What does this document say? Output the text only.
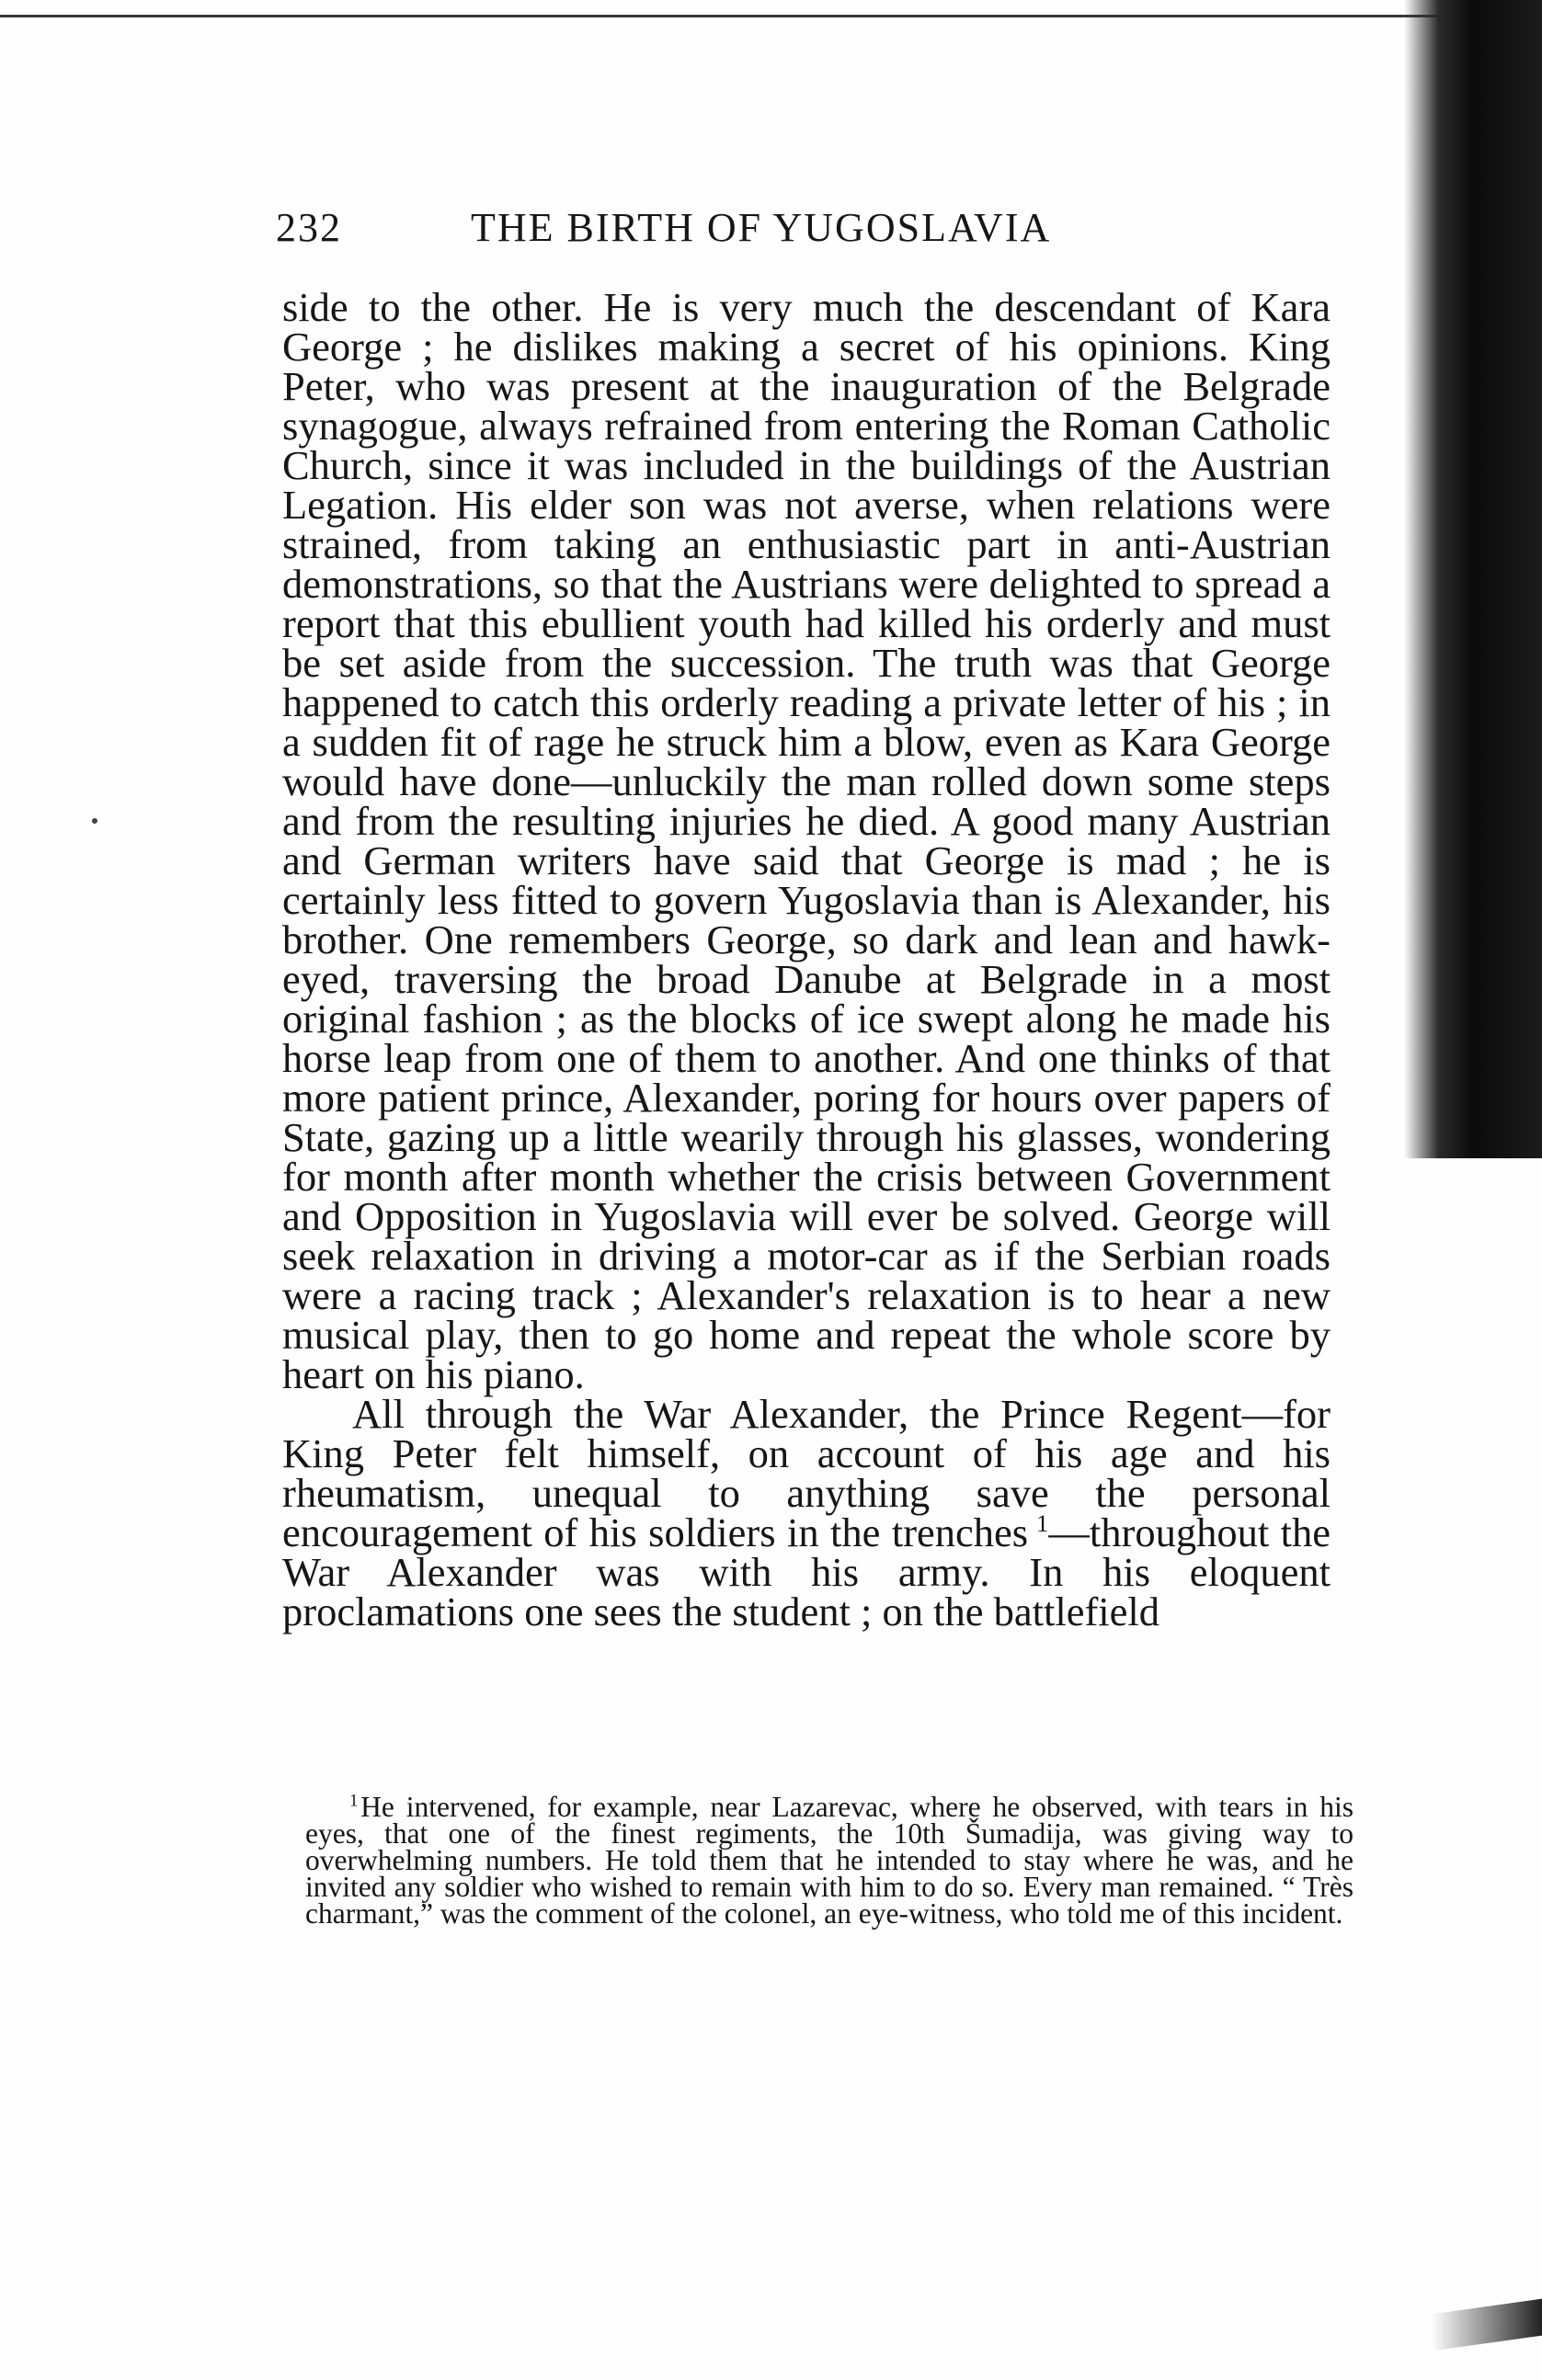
232	THE BIRTH OF YUGOSLAVIA

side to the other. He is very much the descendant of Kara George ; he dislikes making a secret of his opinions. King Peter, who was present at the inauguration of the Belgrade synagogue, always refrained from entering the Roman Catholic Church, since it was included in the buildings of the Austrian Legation. His elder son was not averse, when relations were strained, from taking an enthusiastic part in anti-Austrian demonstrations, so that the Austrians were delighted to spread a report that this ebullient youth had killed his orderly and must be set aside from the succession. The truth was that George happened to catch this orderly reading a private letter of his ; in a sudden fit of rage he struck him a blow, even as Kara George would have done—unluckily the man rolled down some steps and from the resulting injuries he died. A good many Austrian and German writers have said that George is mad ; he is certainly less fitted to govern Yugoslavia than is Alexander, his brother. One remembers George, so dark and lean and hawk-eyed, traversing the broad Danube at Belgrade in a most original fashion ; as the blocks of ice swept along he made his horse leap from one of them to another. And one thinks of that more patient prince, Alexander, poring for hours over papers of State, gazing up a little wearily through his glasses, wondering for month after month whether the crisis between Government and Opposition in Yugoslavia will ever be solved. George will seek relaxation in driving a motor-car as if the Serbian roads were a racing track ; Alexander's relaxation is to hear a new musical play, then to go home and repeat the whole score by heart on his piano.

All through the War Alexander, the Prince Regent—for King Peter felt himself, on account of his age and his rheumatism, unequal to anything save the personal encouragement of his soldiers in the trenches  $^1$—throughout the War Alexander was with his army. In his eloquent proclamations one sees the student ; on the battlefield

$^1$ He intervened, for example, near Lazarevac, where he observed, with tears in his eyes, that one of the finest regiments, the 10th Šumadija, was giving way to overwhelming numbers. He told them that he intended to stay where he was, and he invited any soldier who wished to remain with him to do so. Every man remained. “ Très charmant,” was the comment of the colonel, an eye-witness, who told me of this incident.
